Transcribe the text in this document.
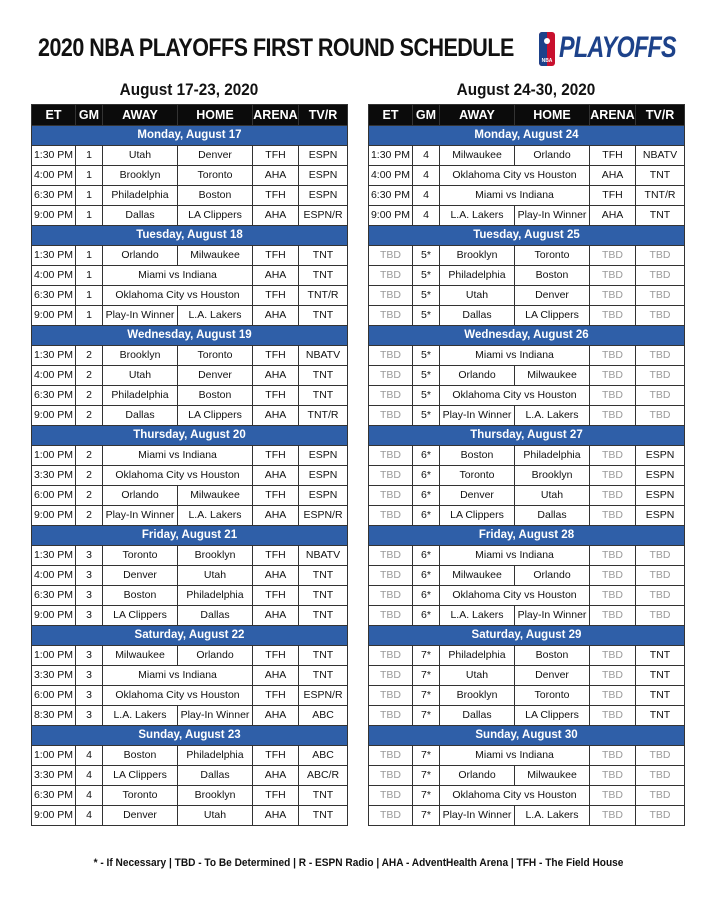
2020 NBA PLAYOFFS FIRST ROUND SCHEDULE	NBA PLAYOFFS
August 17-23, 2020	August 24-30, 2020
ET	GM	AWAY	HOME	ARENA	TV/R
Monday, August 17					
1:30 PM	1	Utah	Denver	TFH	ESPN
4:00 PM	1	Brooklyn	Toronto	AHA	ESPN
6:30 PM	1	Philadelphia	Boston	TFH	ESPN
9:00 PM	1	Dallas	LA Clippers	AHA	ESPN/R
Tuesday, August 18					
1:30 PM	1	Orlando	Milwaukee	TFH	TNT
4:00 PM	1	Miami vs Indiana		AHA	TNT
6:30 PM	1	Oklahoma City vs Houston		TFH	TNT/R
9:00 PM	1	Play-In Winner	L.A. Lakers	AHA	TNT
Wednesday, August 19					
1:30 PM	2	Brooklyn	Toronto	TFH	NBATV
4:00 PM	2	Utah	Denver	AHA	TNT
6:30 PM	2	Philadelphia	Boston	TFH	TNT
9:00 PM	2	Dallas	LA Clippers	AHA	TNT/R
Thursday, August 20					
1:00 PM	2	Miami vs Indiana		TFH	ESPN
3:30 PM	2	Oklahoma City vs Houston		AHA	ESPN
6:00 PM	2	Orlando	Milwaukee	TFH	ESPN
9:00 PM	2	Play-In Winner	L.A. Lakers	AHA	ESPN/R
Friday, August 21					
1:30 PM	3	Toronto	Brooklyn	TFH	NBATV
4:00 PM	3	Denver	Utah	AHA	TNT
6:30 PM	3	Boston	Philadelphia	TFH	TNT
9:00 PM	3	LA Clippers	Dallas	AHA	TNT
Saturday, August 22					
1:00 PM	3	Milwaukee	Orlando	TFH	TNT
3:30 PM	3	Miami vs Indiana		AHA	TNT
6:00 PM	3	Oklahoma City vs Houston		TFH	ESPN/R
8:30 PM	3	L.A. Lakers	Play-In Winner	AHA	ABC
Sunday, August 23					
1:00 PM	4	Boston	Philadelphia	TFH	ABC
3:30 PM	4	LA Clippers	Dallas	AHA	ABC/R
6:30 PM	4	Toronto	Brooklyn	TFH	TNT
9:00 PM	4	Denver	Utah	AHA	TNT
ET	GM	AWAY	HOME	ARENA	TV/R
Monday, August 24					
1:30 PM	4	Milwaukee	Orlando	TFH	NBATV
4:00 PM	4	Oklahoma City vs Houston		AHA	TNT
6:30 PM	4	Miami vs Indiana		TFH	TNT/R
9:00 PM	4	L.A. Lakers	Play-In Winner	AHA	TNT
Tuesday, August 25					
TBD	5*	Brooklyn	Toronto	TBD	TBD
TBD	5*	Philadelphia	Boston	TBD	TBD
TBD	5*	Utah	Denver	TBD	TBD
TBD	5*	Dallas	LA Clippers	TBD	TBD
Wednesday, August 26					
TBD	5*	Miami vs Indiana		TBD	TBD
TBD	5*	Orlando	Milwaukee	TBD	TBD
TBD	5*	Oklahoma City vs Houston		TBD	TBD
TBD	5*	Play-In Winner	L.A. Lakers	TBD	TBD
Thursday, August 27					
TBD	6*	Boston	Philadelphia	TBD	ESPN
TBD	6*	Toronto	Brooklyn	TBD	ESPN
TBD	6*	Denver	Utah	TBD	ESPN
TBD	6*	LA Clippers	Dallas	TBD	ESPN
Friday, August 28					
TBD	6*	Miami vs Indiana		TBD	TBD
TBD	6*	Milwaukee	Orlando	TBD	TBD
TBD	6*	Oklahoma City vs Houston		TBD	TBD
TBD	6*	L.A. Lakers	Play-In Winner	TBD	TBD
Saturday, August 29					
TBD	7*	Philadelphia	Boston	TBD	TNT
TBD	7*	Utah	Denver	TBD	TNT
TBD	7*	Brooklyn	Toronto	TBD	TNT
TBD	7*	Dallas	LA Clippers	TBD	TNT
Sunday, August 30					
TBD	7*	Miami vs Indiana		TBD	TBD
TBD	7*	Orlando	Milwaukee	TBD	TBD
TBD	7*	Oklahoma City vs Houston		TBD	TBD
TBD	7*	Play-In Winner	L.A. Lakers	TBD	TBD
* - If Necessary | TBD - To Be Determined | R - ESPN Radio | AHA - AdventHealth Arena | TFH - The Field House
